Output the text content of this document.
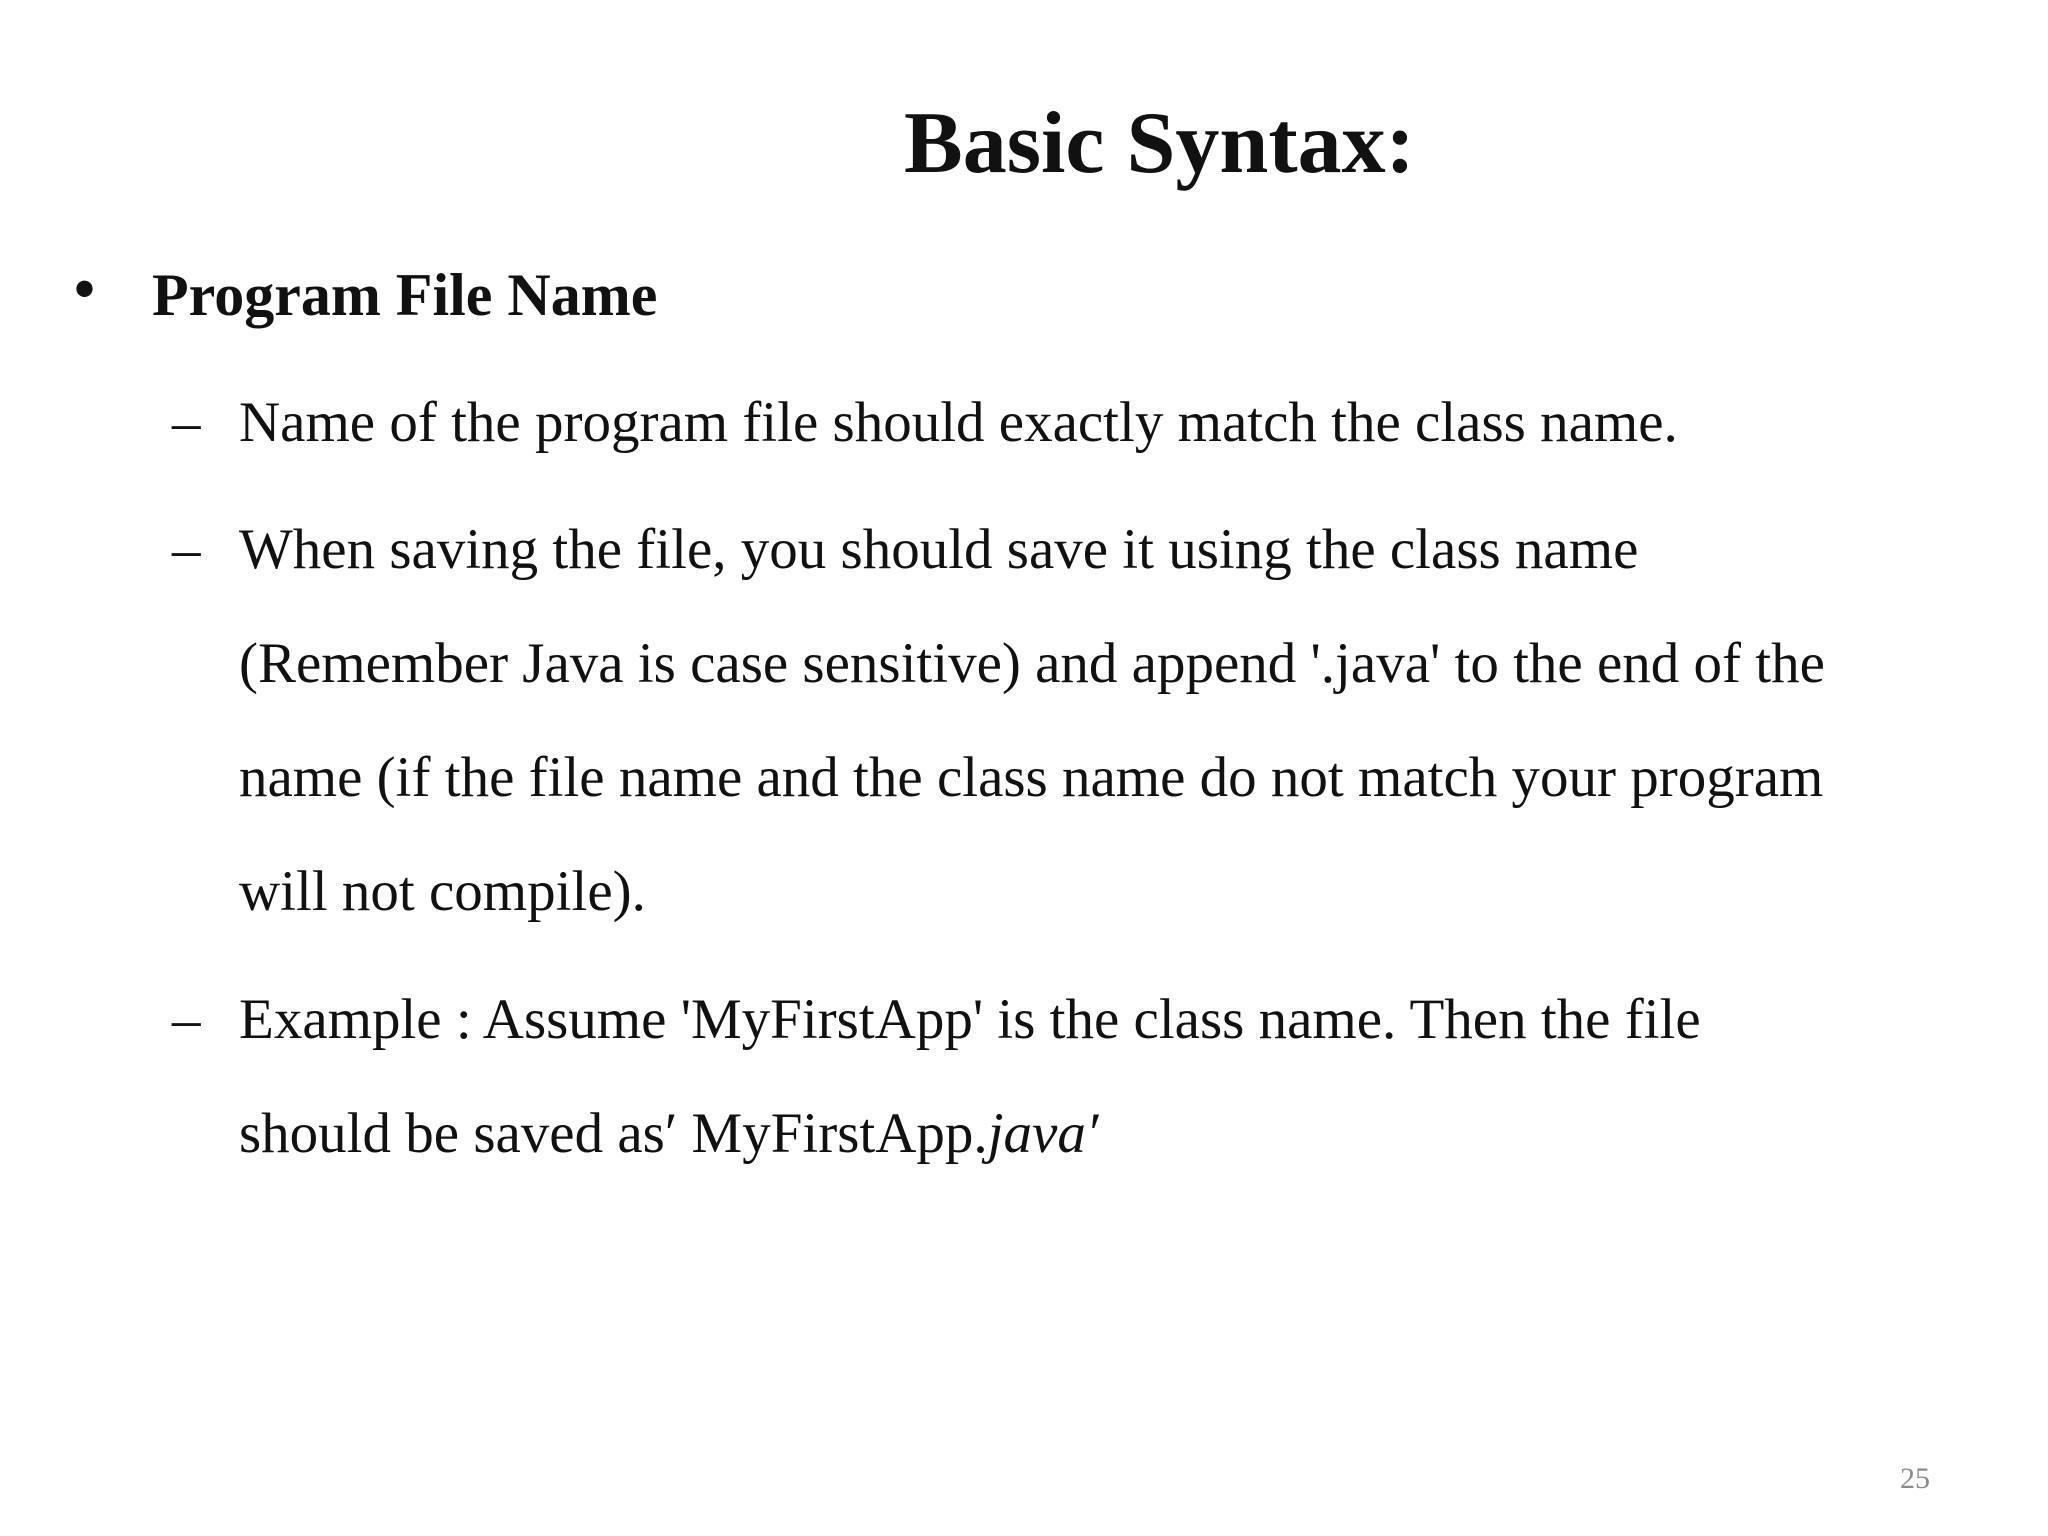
Basic Syntax:
• Program File Name
– Name of the program file should exactly match the class name.
– When saving the file, you should save it using the class name
(Remember Java is case sensitive) and append '.java' to the end of the
name (if the file name and the class name do not match your program
will not compile).
– Example : Assume 'MyFirstApp' is the class name. Then the file
should be saved as′ MyFirstApp.java′
25
